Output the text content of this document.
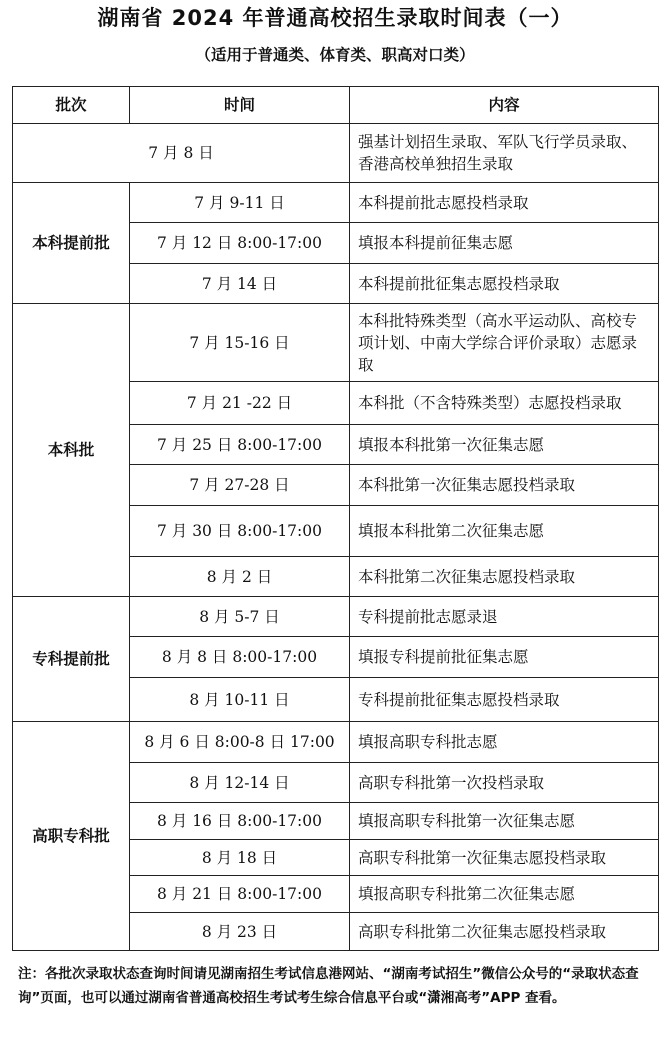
湖南省 2024 年普通高校招生录取时间表（一）
（适用于普通类、体育类、职高对口类）
批次	时间	内容
7 月 8 日		强基计划招生录取、军队飞行学员录取、香港高校单独招生录取
本科提前批	7 月 9-11 日	本科提前批志愿投档录取
	7 月 12 日 8:00-17:00	填报本科提前征集志愿
	7 月 14 日	本科提前批征集志愿投档录取
本科批	7 月 15-16 日	本科批特殊类型（高水平运动队、高校专项计划、中南大学综合评价录取）志愿录取
	7 月 21 -22 日	本科批（不含特殊类型）志愿投档录取
	7 月 25 日 8:00-17:00	填报本科批第一次征集志愿
	7 月 27-28 日	本科批第一次征集志愿投档录取
	7 月 30 日 8:00-17:00	填报本科批第二次征集志愿
	8 月 2 日	本科批第二次征集志愿投档录取
专科提前批	8 月 5-7 日	专科提前批志愿录退
	8 月 8 日 8:00-17:00	填报专科提前批征集志愿
	8 月 10-11 日	专科提前批征集志愿投档录取
高职专科批	8 月 6 日 8:00-8 日 17:00	填报高职专科批志愿
	8 月 12-14 日	高职专科批第一次投档录取
	8 月 16 日 8:00-17:00	填报高职专科批第一次征集志愿
	8 月 18 日	高职专科批第一次征集志愿投档录取
	8 月 21 日 8:00-17:00	填报高职专科批第二次征集志愿
	8 月 23 日	高职专科批第二次征集志愿投档录取
注：各批次录取状态查询时间请见湖南招生考试信息港网站、“湖南考试招生”微信公众号的“录取状态查询”页面，也可以通过湖南省普通高校招生考试考生综合信息平台或“潇湘高考”APP 查看。
